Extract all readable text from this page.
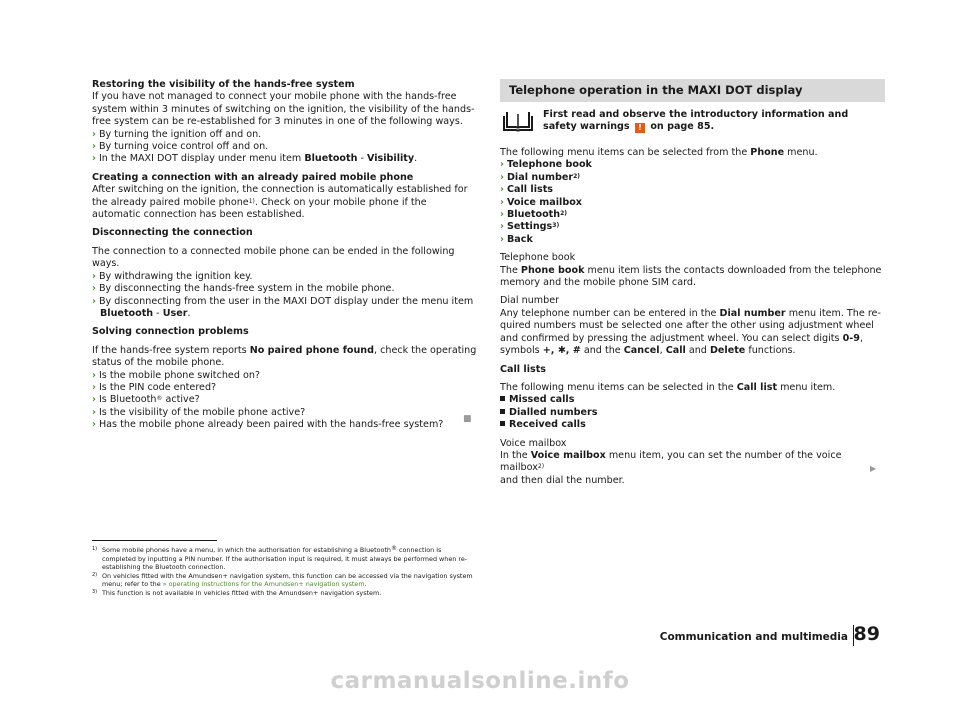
Restoring the visibility of the hands-free system

If you have not managed to connect your mobile phone with the hands-free system within 3 minutes of switching on the ignition, the visibility of the hands-free system can be re-established for 3 minutes in one of the following ways.

› By turning the ignition off and on.

› By turning voice control off and on.

› In the MAXI DOT display under menu item Bluetooth - Visibility.

Creating a connection with an already paired mobile phone

After switching on the ignition, the connection is automatically established for the already paired mobile phone$^{1)}$. Check on your mobile phone if the automatic connection has been established.

Disconnecting the connection

The connection to a connected mobile phone can be ended in the following ways.

› By withdrawing the ignition key.

› By disconnecting the hands-free system in the mobile phone.

› By disconnecting from the user in the MAXI DOT display under the menu item
Bluetooth - User.

Solving connection problems

If the hands-free system reports No paired phone found, check the operating status of the mobile phone.

› Is the mobile phone switched on?

› Is the PIN code entered?

› Is Bluetooth® active?

› Is the visibility of the mobile phone active?

› Has the mobile phone already been paired with the hands-free system?

■
Telephone operation in the MAXI DOT display
First read and observe the introductory information and safety warnings ! on page 85.

The following menu items can be selected from the Phone menu.

› Telephone book

› Dial number$^{2)}$

› Call lists

› Voice mailbox

› Bluetooth$^{2)}$

› Settings$^{3)}$

› Back

Telephone book

The Phone book menu item lists the contacts downloaded from the telephone memory and the mobile phone SIM card.

Dial number

Any telephone number can be entered in the Dial number menu item. The required numbers must be selected one after the other using adjustment wheel and confirmed by pressing the adjustment wheel. You can select digits 0-9, symbols +, ✱, # and the Cancel, Call and Delete functions.

Call lists

The following menu items can be selected in the Call list menu item.

Missed calls

Dialled numbers

Received calls

Voice mailbox

In the Voice mailbox menu item, you can set the number of the voice mailbox$^{2)}$
and then dial the number.

▶

1) Some mobile phones have a menu, in which the authorisation for establishing a Bluetooth® connection is completed by inputting a PIN number. If the authorisation input is required, it must always be performed when re-establishing the Bluetooth connection.

2) On vehicles fitted with the Amundsen+ navigation system, this function can be accessed via the navigation system menu; refer to the » operating instructions for the Amundsen+ navigation system.

3) This function is not available in vehicles fitted with the Amundsen+ navigation system.

Communication and multimedia 89
carmanualsonline.info
